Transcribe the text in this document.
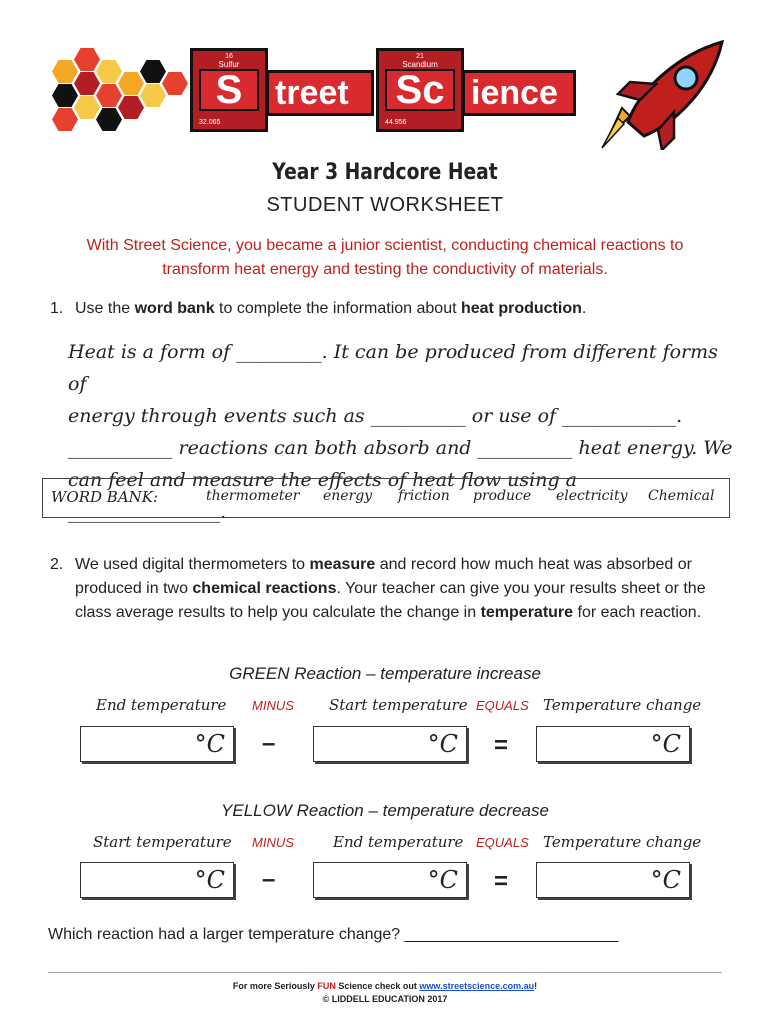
16
Sulfur
S
32.065
treet
21
Scandium
Sc
44.956
ience
Year 3 Hardcore Heat
STUDENT WORKSHEET
With Street Science, you became a junior scientist, conducting chemical reactions to transform heat energy and testing the conductivity of materials.
1. Use the word bank to complete the information about heat production.
Heat is a form of _________. It can be produced from different forms of
energy through events such as __________ or use of ____________.
___________ reactions can both absorb and __________ heat energy. We
can feel and measure the effects of heat flow using a ________________.
WORD BANK:	thermometer energy friction produce electricity Chemical
2. We used digital thermometers to measure and record how much heat was absorbed or produced in two chemical reactions. Your teacher can give you your results sheet or the class average results to help you calculate the change in temperature for each reaction.
GREEN Reaction – temperature increase
End temperature MINUS Start temperature EQUALS Temperature change
°C –	°C =	°C
YELLOW Reaction – temperature decrease
Start temperature MINUS	End temperature EQUALS Temperature change
°C –	°C =	°C
Which reaction had a larger temperature change? ________________________
For more Seriously FUN Science check out www.streetscience.com.au!
© LIDDELL EDUCATION 2017
